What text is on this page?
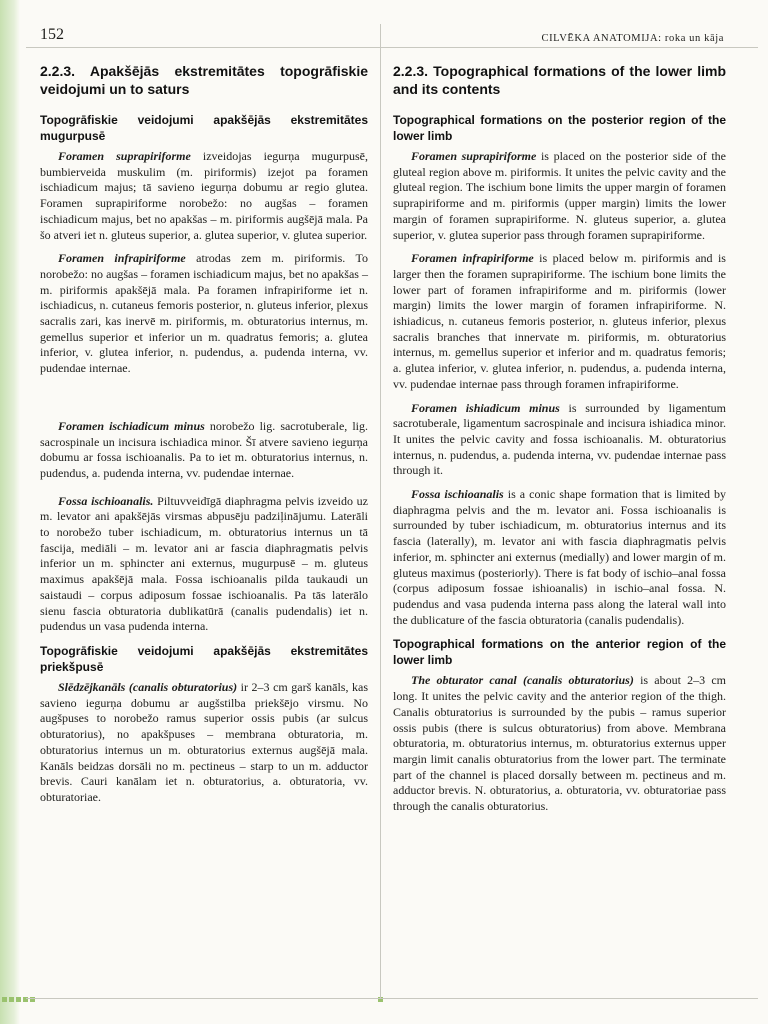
152	CILVĒKA ANATOMIJA: roka un kāja
2.2.3. Apakšējās ekstremitātes topogrāfiskie veidojumi un to saturs
Topogrāfiskie veidojumi apakšējās ekstremitātes mugurpusē

Foramen suprapiriforme izveidojas iegurņa mugurpusē, bumbierveida muskulim (m. piriformis) izejot pa foramen ischiadicum majus; tā savieno iegurņa dobumu ar regio glutea. Foramen suprapiriforme norobežo: no augšas – foramen ischiadicum majus, bet no apakšas – m. piriformis augšējā mala. Pa šo atveri iet n. gluteus superior, a. glutea superior, v. glutea superior.

Foramen infrapiriforme atrodas zem m. piriformis. To norobežo: no augšas – foramen ischiadicum majus, bet no apakšas – m. piriformis apakšējā mala. Pa foramen infrapiriforme iet n. ischiadicus, n. cutaneus femoris posterior, n. gluteus inferior, plexus sacralis zari, kas inervē m. piriformis, m. obturatorius internus, m. gemellus superior et inferior un m. quadratus femoris; a. glutea inferior, v. glutea inferior, n. pudendus, a. pudenda interna, vv. pudendae internae.

Foramen ischiadicum minus norobežo lig. sacrotuberale, lig. sacrospinale un incisura ischiadica minor. Šī atvere savieno iegurņa dobumu ar fossa ischioanalis. Pa to iet m. obturatorius internus, n. pudendus, a. pudenda interna, vv. pudendae internae.

Fossa ischioanalis. Piltuvveidīgā diaphragma pelvis izveido uz m. levator ani apakšējās virsmas abpusēju padziļinājumu. Laterāli to norobežo tuber ischiadicum, m. obturatorius internus un tā fascija, mediāli – m. levator ani ar fascia diaphragmatis pelvis inferior un m. sphincter ani externus, mugurpusē – m. gluteus maximus apakšējā mala. Fossa ischioanalis pilda taukaudi un saistaudi – corpus adiposum fossae ischioanalis. Pa tās laterālo sienu fascia obturatoria dublikatūrā (canalis pudendalis) iet n. pudendus un vasa pudenda interna.

Topogrāfiskie veidojumi apakšējās ekstremitātes priekšpusē

Slēdzējkanāls (canalis obturatorius) ir 2–3 cm garš kanāls, kas savieno iegurņa dobumu ar augšstilba priekšējo virsmu. No augšpuses to norobežo ramus superior ossis pubis (ar sulcus obturatorius), no apakšpuses – membrana obturatoria, m. obturatorius internus un m. obturatorius externus augšējā mala. Kanāls beidzas dorsāli no m. pectineus – starp to un m. adductor brevis. Cauri kanālam iet n. obturatorius, a. obturatoria, vv. obturatoriae.

2.2.3. Topographical formations of the lower limb and its contents
Topographical formations on the posterior region of the lower limb

Foramen suprapiriforme is placed on the posterior side of the gluteal region above m. piriformis. It unites the pelvic cavity and the gluteal region. The ischium bone limits the upper margin of foramen suprapiriforme and m. piriformis (upper margin) limits the lower margin of foramen suprapiriforme. N. gluteus superior, a. glutea superior, v. glutea superior pass through foramen suprapiriforme.

Foramen infrapiriforme is placed below m. piriformis and is larger then the foramen suprapiriforme. The ischium bone limits the lower part of foramen infrapiriforme and m. piriformis (lower margin) limits the lower margin of foramen infrapiriforme. N. ishiadicus, n. cutaneus femoris posterior, n. gluteus inferior, plexus sacralis branches that innervate m. piriformis, m. obturatorius internus, m. gemellus superior et inferior and m. quadratus femoris; a. glutea inferior, v. glutea inferior, n. pudendus, a. pudenda interna, vv. pudendae internae pass through foramen infrapiriforme.

Foramen ishiadicum minus is surrounded by ligamentum sacrotuberale, ligamentum sacrospinale and incisura ishiadica minor. It unites the pelvic cavity and fossa ischioanalis. M. obturatorius internus, n. pudendus, a. pudenda interna, vv. pudendae internae pass through it.

Fossa ischioanalis is a conic shape formation that is limited by diaphragma pelvis and the m. levator ani. Fossa ischioanalis is surrounded by tuber ischiadicum, m. obturatorius internus and its fascia (laterally), m. levator ani with fascia diaphragmatis pelvis inferior, m. sphincter ani externus (medially) and lower margin of m. gluteus maximus (posteriorly). There is fat body of ischio–anal fossa (corpus adiposum fossae ishioanalis) in ischio–anal fossa. N. pudendus and vasa pudenda interna pass along the lateral wall into the dublicature of the fascia obturatoria (canalis pudendalis).

Topographical formations on the anterior region of the lower limb

The obturator canal (canalis obturatorius) is about 2–3 cm long. It unites the pelvic cavity and the anterior region of the thigh. Canalis obturatorius is surrounded by the pubis – ramus superior ossis pubis (there is sulcus obturatorius) from above. Membrana obturatoria, m. obturatorius internus, m. obturatorius externus upper margin limit canalis obturatorius from the lower part. The terminate part of the channel is placed dorsally between m. pectineus and m. adductor brevis. N. obturatorius, a. obturatoria, vv. obturatoriae pass through the canalis obturatorius.
